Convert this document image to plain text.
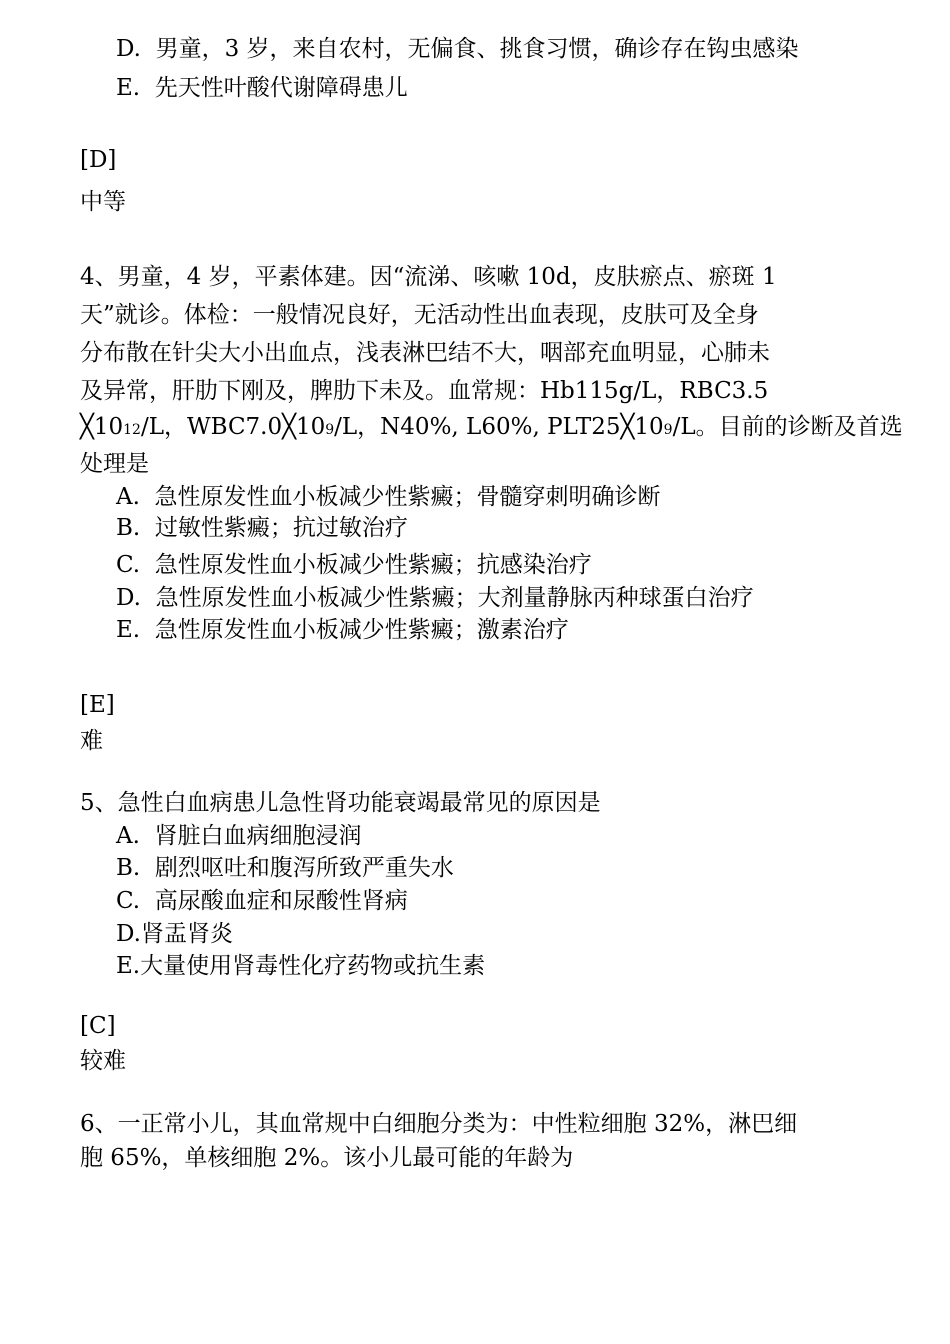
D. 男童，3 岁，来自农村，无偏食、挑食习惯，确诊存在钩虫感染
E. 先天性叶酸代谢障碍患儿
[D]
中等
4、男童，4 岁，平素体建。因“流涕、咳嗽 10d，皮肤瘀点、瘀斑 1
天”就诊。体检：一般情况良好，无活动性出血表现，皮肤可及全身
分布散在针尖大小出血点，浅表淋巴结不大，咽部充血明显，心肺未
及异常，肝肋下刚及，脾肋下未及。血常规：Hb115g/L，RBC3.5
╳1012/L，WBC7.0╳109/L，N40%, L60%, PLT25╳109/L。目前的诊断及首选
处理是
A. 急性原发性血小板减少性紫癜；骨髓穿刺明确诊断
B. 过敏性紫癜；抗过敏治疗
C. 急性原发性血小板减少性紫癜；抗感染治疗
D. 急性原发性血小板减少性紫癜；大剂量静脉丙种球蛋白治疗
E. 急性原发性血小板减少性紫癜；激素治疗
[E]
难
5、急性白血病患儿急性肾功能衰竭最常见的原因是
A. 肾脏白血病细胞浸润
B. 剧烈呕吐和腹泻所致严重失水
C. 高尿酸血症和尿酸性肾病
D.肾盂肾炎
E.大量使用肾毒性化疗药物或抗生素
[C]
较难
6、一正常小儿，其血常规中白细胞分类为：中性粒细胞 32%，淋巴细
胞 65%，单核细胞 2%。该小儿最可能的年龄为
